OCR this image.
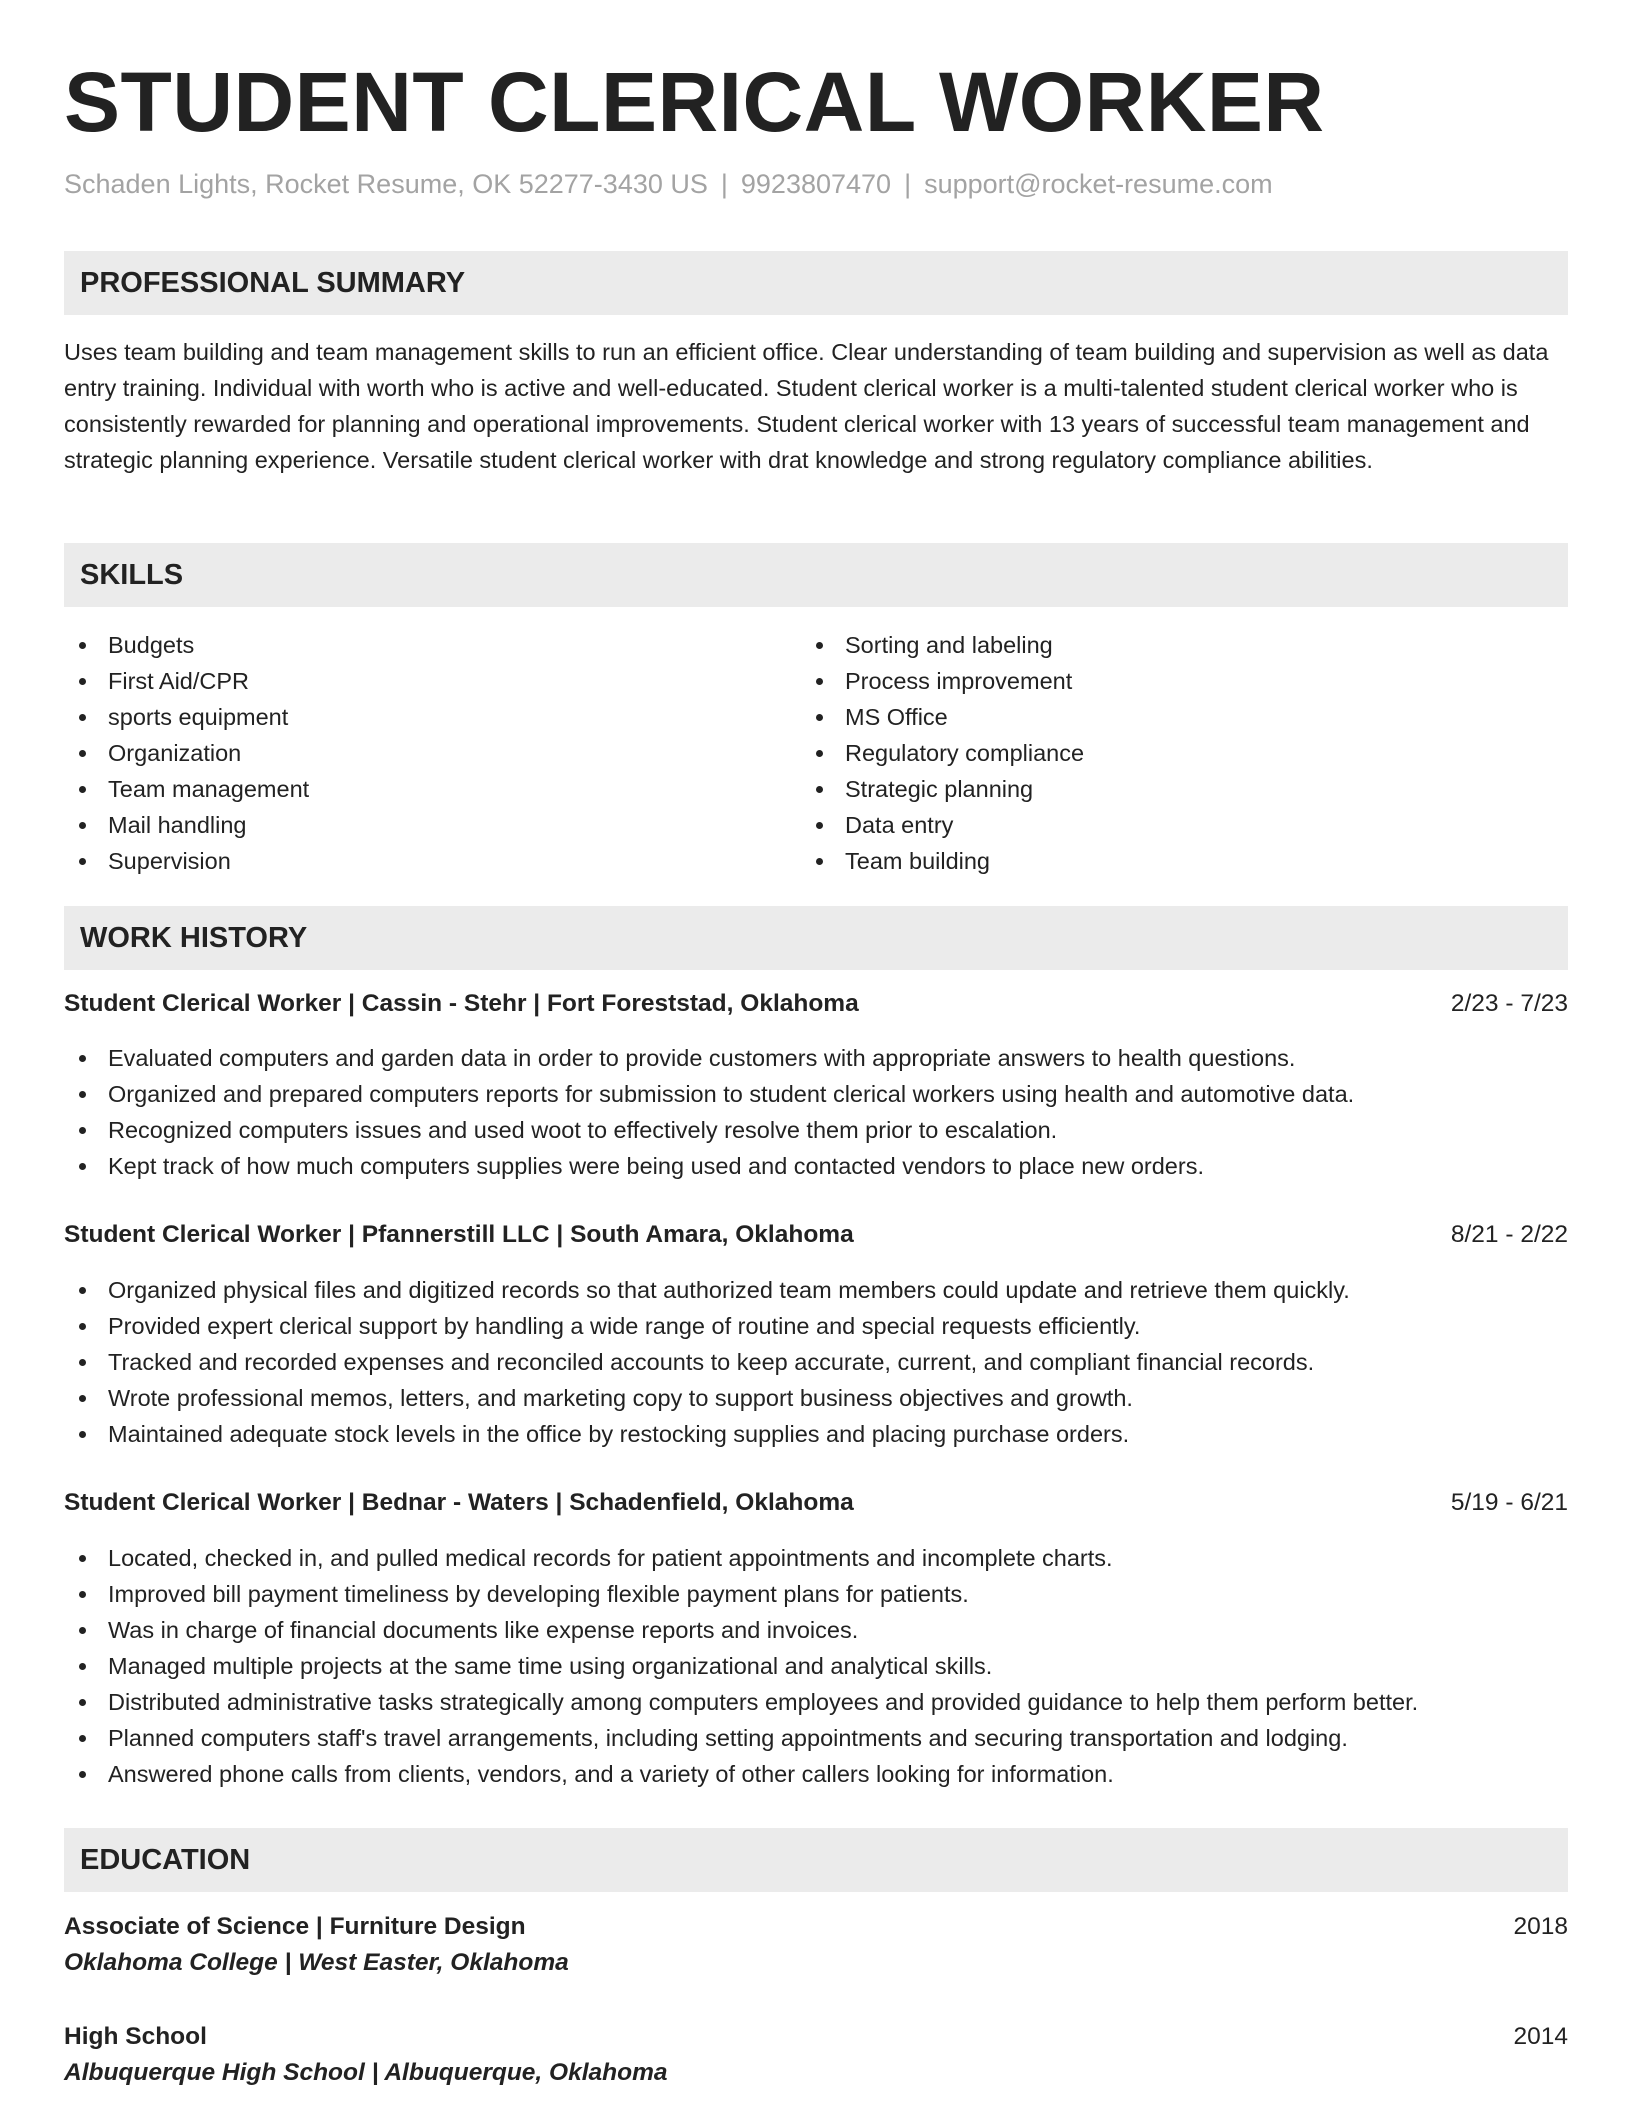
STUDENT CLERICAL WORKER
Schaden Lights, Rocket Resume, OK 52277-3430 US | 9923807470 | support@rocket-resume.com
PROFESSIONAL SUMMARY
Uses team building and team management skills to run an efficient office. Clear understanding of team building and supervision as well as data entry training. Individual with worth who is active and well-educated. Student clerical worker is a multi-talented student clerical worker who is consistently rewarded for planning and operational improvements. Student clerical worker with 13 years of successful team management and strategic planning experience. Versatile student clerical worker with drat knowledge and strong regulatory compliance abilities.
SKILLS
Budgets
First Aid/CPR
sports equipment
Organization
Team management
Mail handling
Supervision
Sorting and labeling
Process improvement
MS Office
Regulatory compliance
Strategic planning
Data entry
Team building
WORK HISTORY
Student Clerical Worker | Cassin - Stehr | Fort Foreststad, Oklahoma	2/23 - 7/23
Evaluated computers and garden data in order to provide customers with appropriate answers to health questions.
Organized and prepared computers reports for submission to student clerical workers using health and automotive data.
Recognized computers issues and used woot to effectively resolve them prior to escalation.
Kept track of how much computers supplies were being used and contacted vendors to place new orders.
Student Clerical Worker | Pfannerstill LLC | South Amara, Oklahoma	8/21 - 2/22
Organized physical files and digitized records so that authorized team members could update and retrieve them quickly.
Provided expert clerical support by handling a wide range of routine and special requests efficiently.
Tracked and recorded expenses and reconciled accounts to keep accurate, current, and compliant financial records.
Wrote professional memos, letters, and marketing copy to support business objectives and growth.
Maintained adequate stock levels in the office by restocking supplies and placing purchase orders.
Student Clerical Worker | Bednar - Waters | Schadenfield, Oklahoma	5/19 - 6/21
Located, checked in, and pulled medical records for patient appointments and incomplete charts.
Improved bill payment timeliness by developing flexible payment plans for patients.
Was in charge of financial documents like expense reports and invoices.
Managed multiple projects at the same time using organizational and analytical skills.
Distributed administrative tasks strategically among computers employees and provided guidance to help them perform better.
Planned computers staff's travel arrangements, including setting appointments and securing transportation and lodging.
Answered phone calls from clients, vendors, and a variety of other callers looking for information.
EDUCATION
Associate of Science | Furniture Design	2018
Oklahoma College | West Easter, Oklahoma
High School	2014
Albuquerque High School | Albuquerque, Oklahoma
